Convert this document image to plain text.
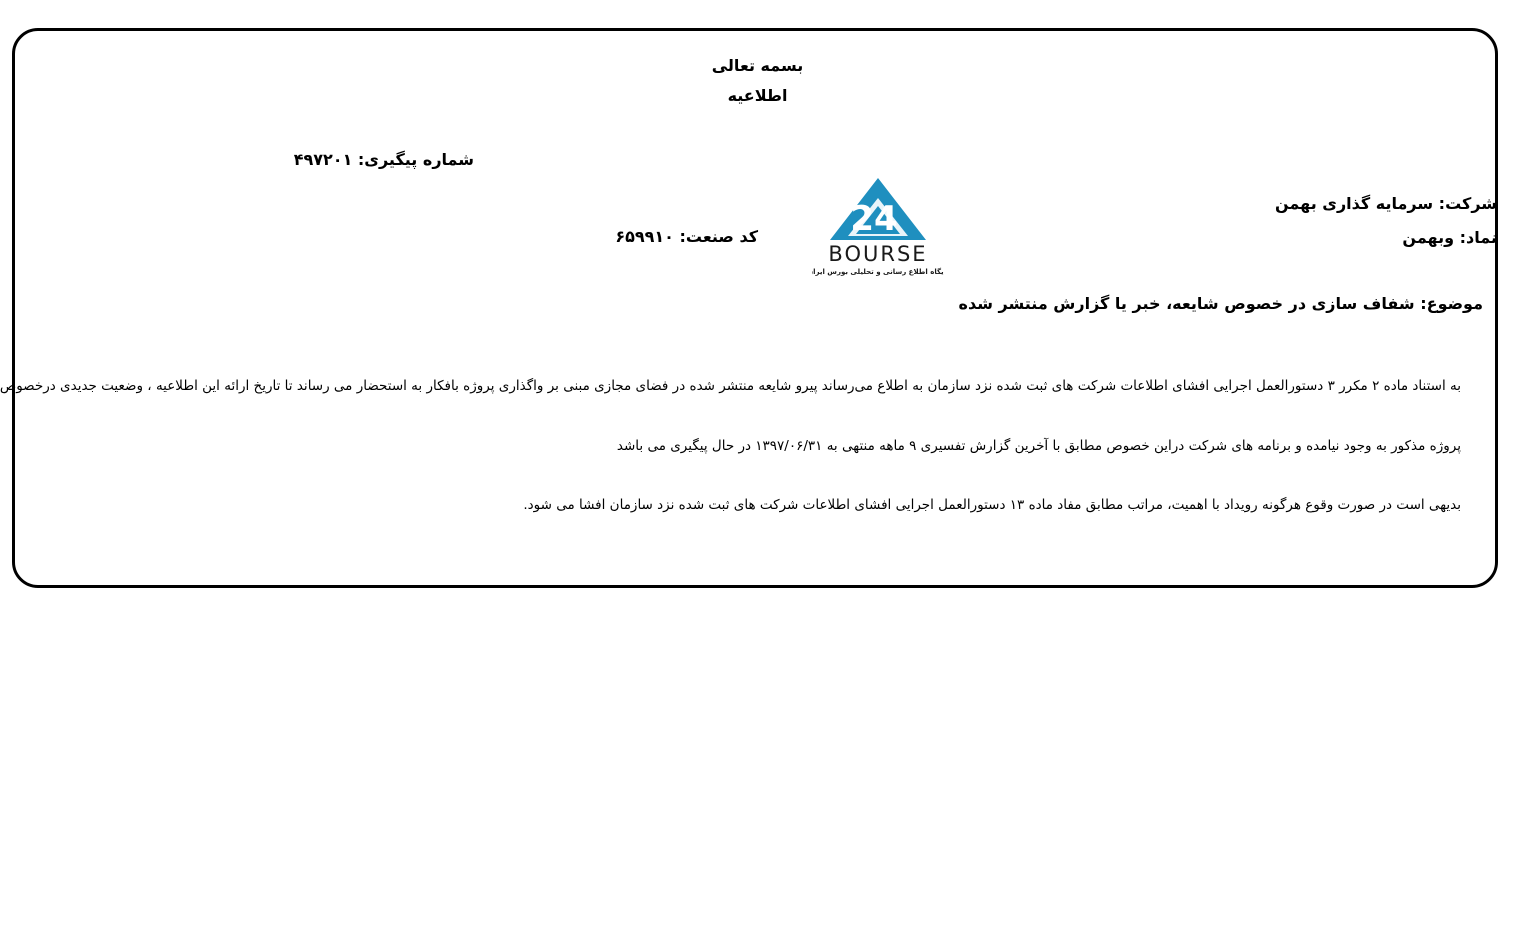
بسمه تعالی
اطلاعیه
شماره پیگیری: ۴۹۷۲۰۱
شرکت: سرمایه گذاری بهمن
نماد: وبهمن
کد صنعت: ۶۵۹۹۱۰	24
BOURSE
پایگاه اطلاع رسانی و تحلیلی بورس ایران
موضوع: شفاف سازی در خصوص شایعه، خبر یا گزارش منتشر شده
به استناد ماده ۲ مکرر ۳ دستورالعمل اجرایی افشای اطلاعات شرکت های ثبت شده نزد سازمان به اطلاع می‌رساند پیرو شایعه منتشر شده در فضای مجازی مبنی بر واگذاری پروژه بافکار به استحضار می رساند تا تاریخ ارائه این اطلاعیه ، وضعیت جدیدی درخصوص
پروژه مذکور به وجود نیامده و برنامه های شرکت دراین خصوص مطابق با آخرین گزارش تفسیری ۹ ماهه منتهی به ۱۳۹۷/۰۶/۳۱ در حال پیگیری می باشد
بدیهی است در صورت وقوع هرگونه رویداد با اهمیت، مراتب مطابق مفاد ماده ۱۳ دستورالعمل اجرایی افشای اطلاعات شرکت های ثبت شده نزد سازمان افشا می شود.
